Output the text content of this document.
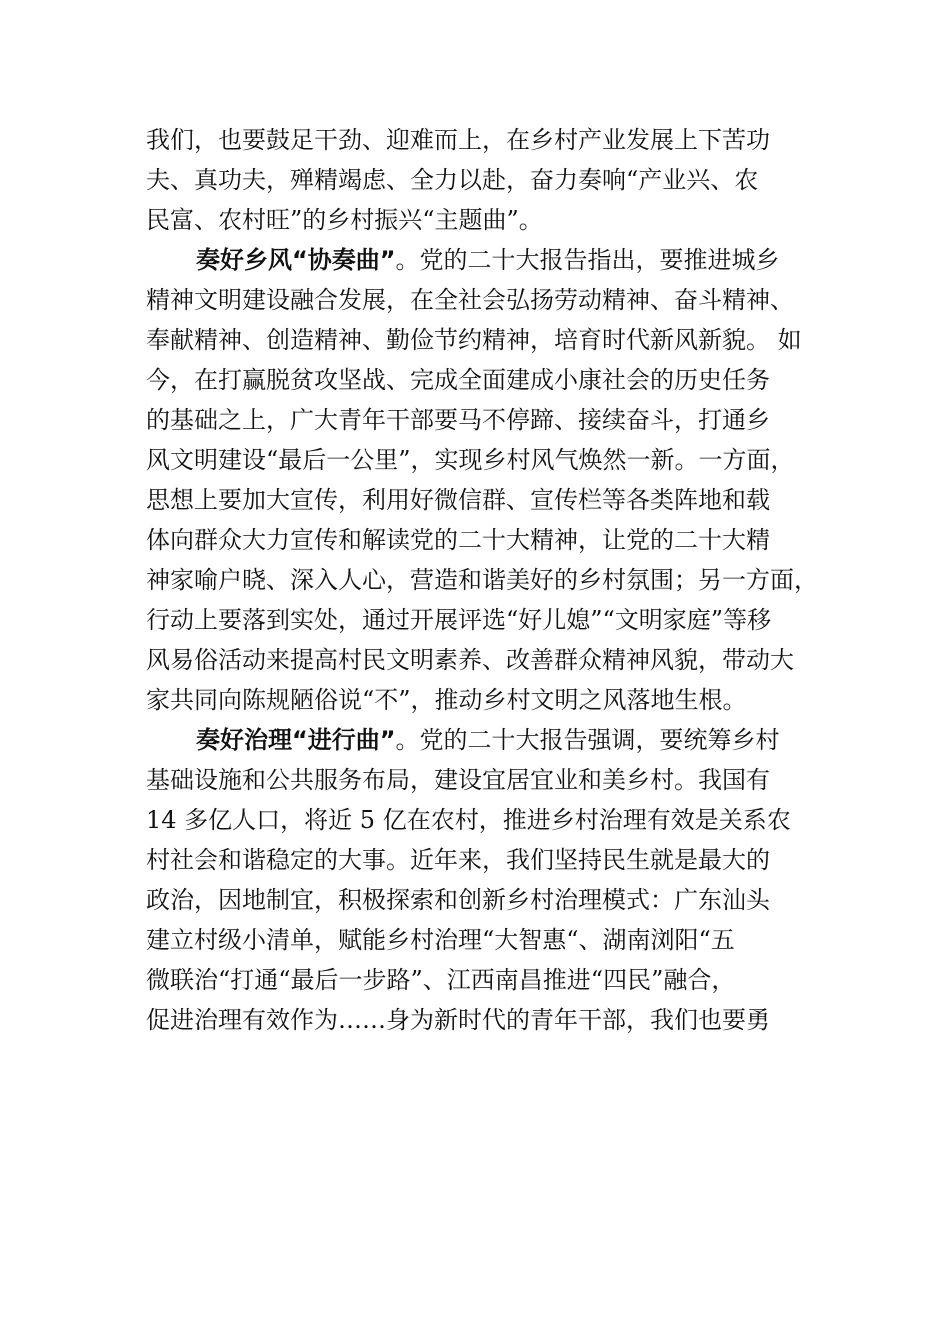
我们，也要鼓足干劲、迎难而上，在乡村产业发展上下苦功
夫、真功夫，殚精竭虑、全力以赴，奋力奏响“产业兴、农
民富、农村旺”的乡村振兴“主题曲”。
奏好乡风“协奏曲”。党的二十大报告指出，要推进城乡
精神文明建设融合发展，在全社会弘扬劳动精神、奋斗精神、
奉献精神、创造精神、勤俭节约精神，培育时代新风新貌。 如
今，在打赢脱贫攻坚战、完成全面建成小康社会的历史任务
的基础之上，广大青年干部要马不停蹄、接续奋斗，打通乡
风文明建设“最后一公里”，实现乡村风气焕然一新。一方面，
思想上要加大宣传，利用好微信群、宣传栏等各类阵地和载
体向群众大力宣传和解读党的二十大精神，让党的二十大精
神家喻户晓、深入人心，营造和谐美好的乡村氛围；另一方面，
行动上要落到实处，通过开展评选“好儿媳”“文明家庭”等移
风易俗活动来提高村民文明素养、改善群众精神风貌，带动大
家共同向陈规陋俗说“不”，推动乡村文明之风落地生根。
奏好治理“进行曲”。党的二十大报告强调，要统筹乡村
基础设施和公共服务布局，建设宜居宜业和美乡村。我国有
14 多亿人口，将近 5 亿在农村，推进乡村治理有效是关系农
村社会和谐稳定的大事。近年来，我们坚持民生就是最大的
政治，因地制宜，积极探索和创新乡村治理模式：广东汕头
建立村级小清单，赋能乡村治理“大智惠“、湖南浏阳“五
微联治“打通“最后一步路”、江西南昌推进“四民”融合，
促进治理有效作为……身为新时代的青年干部，我们也要勇
